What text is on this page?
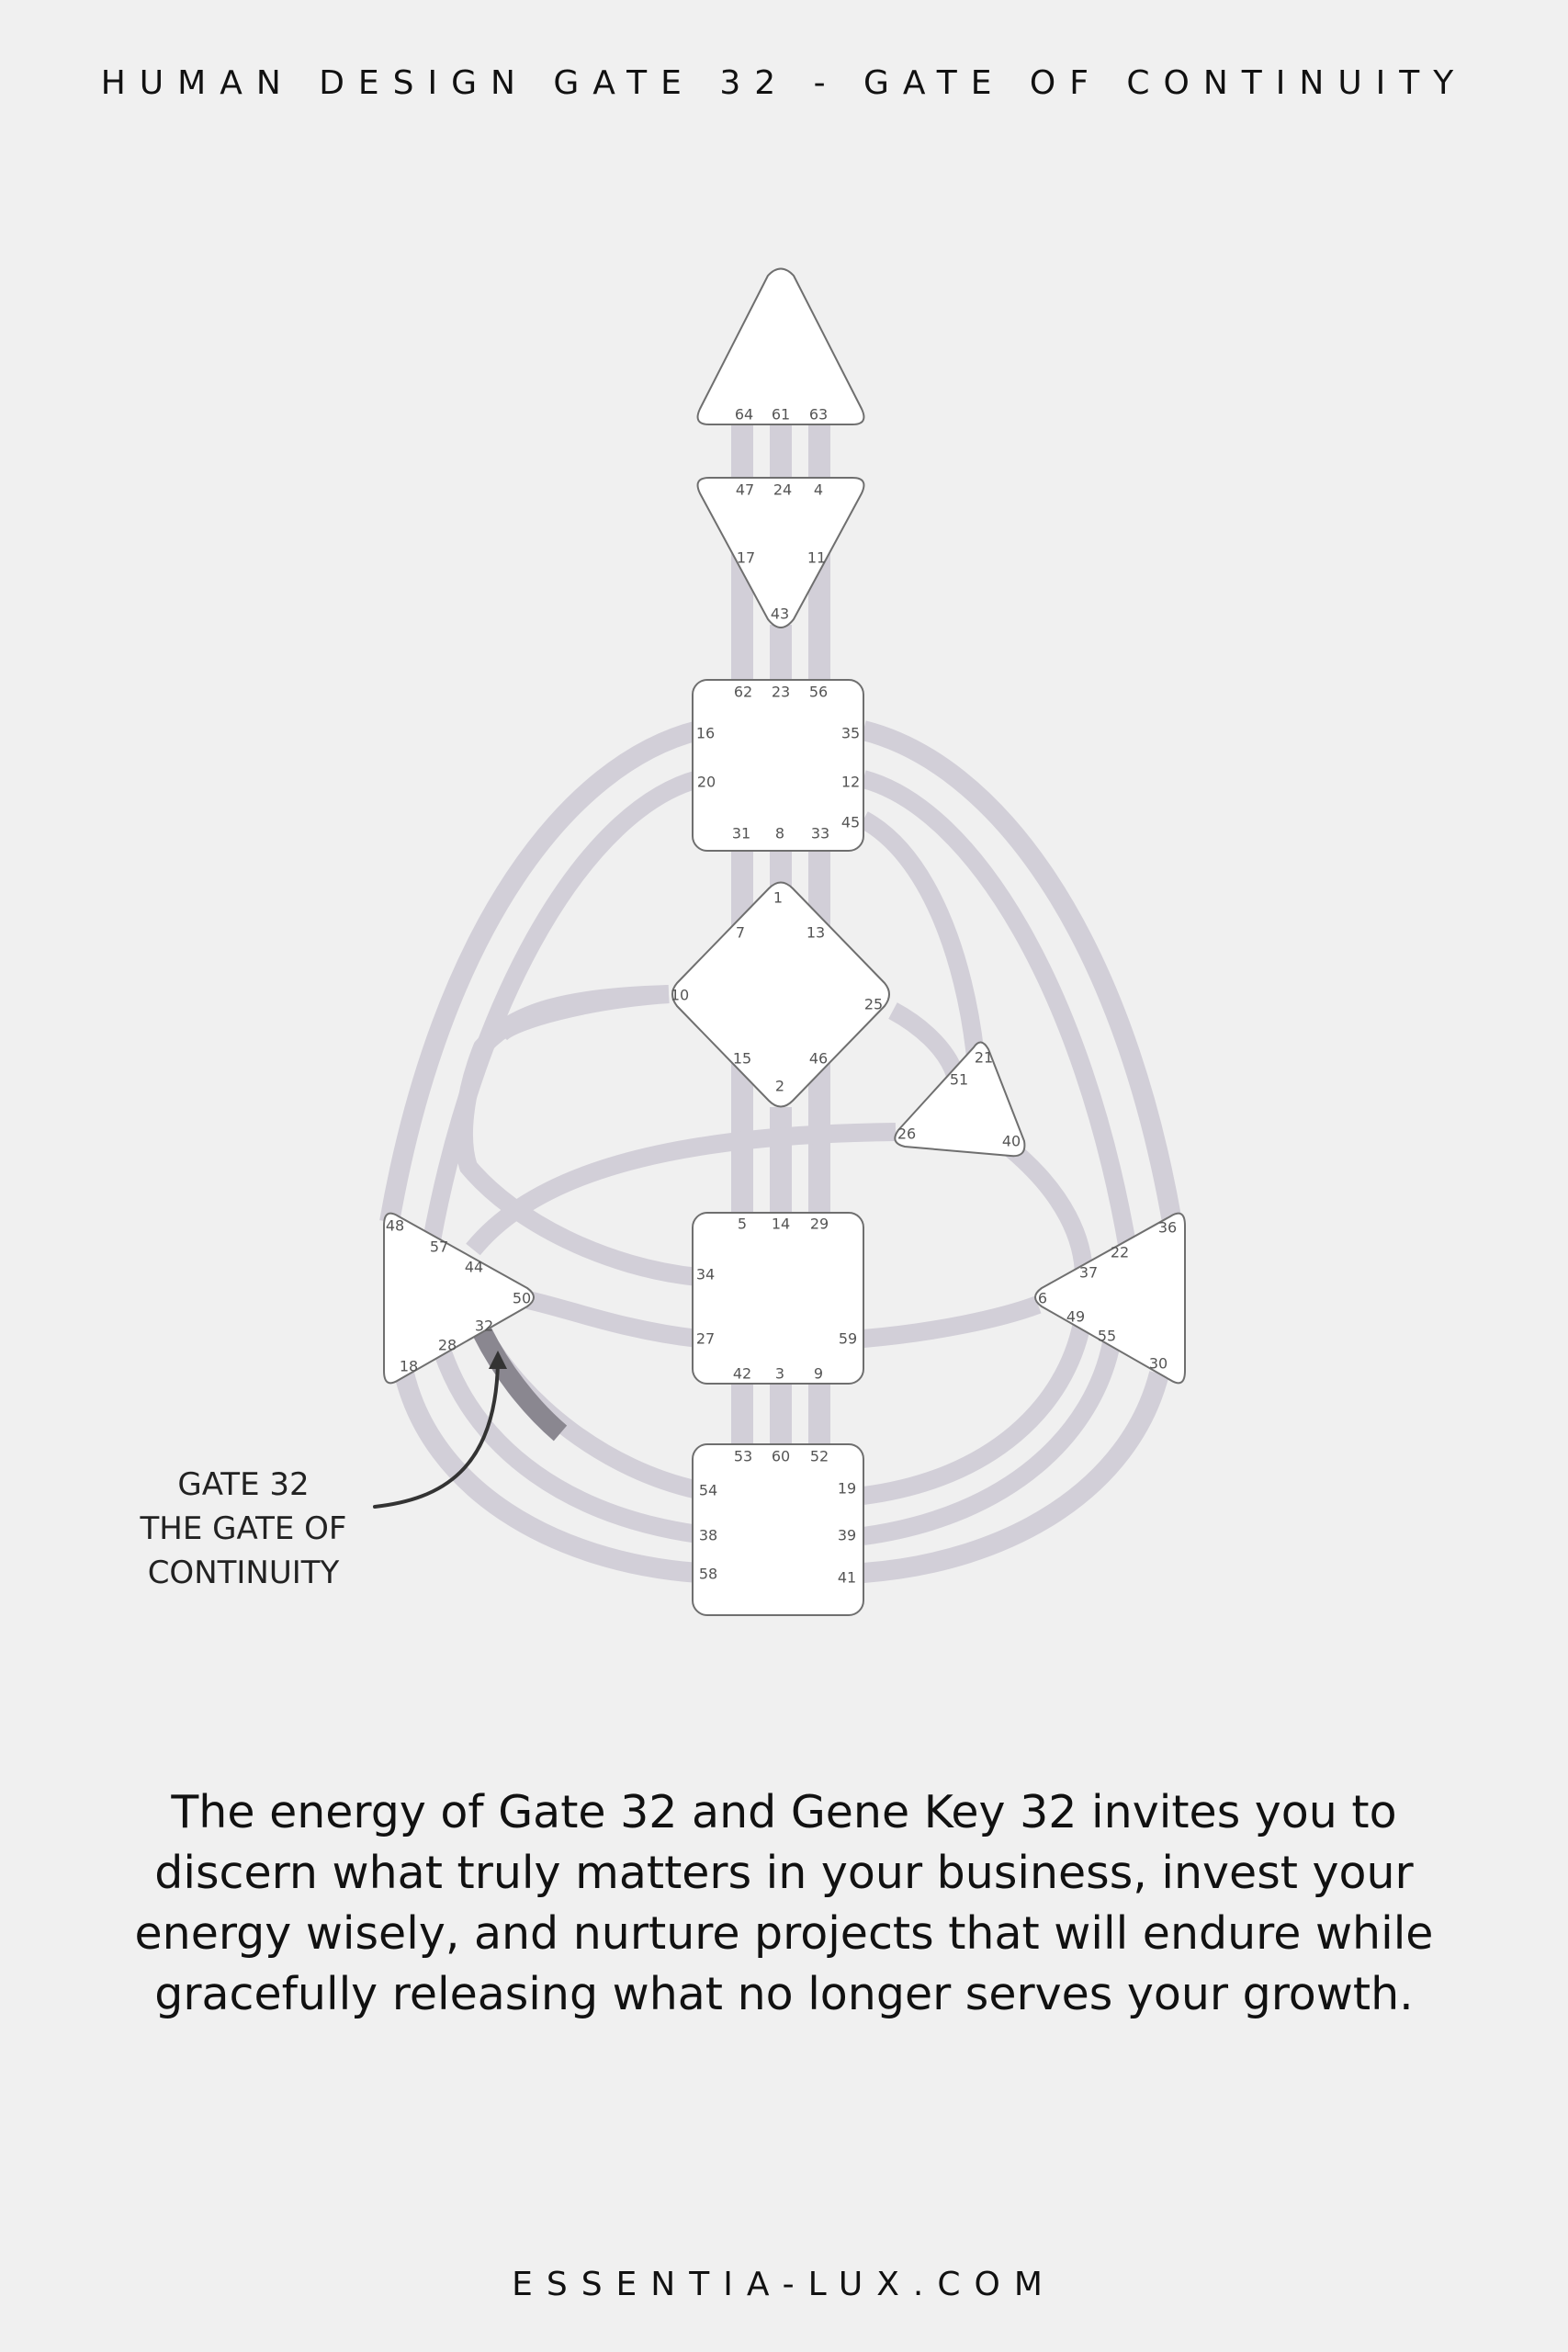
HUMAN DESIGN GATE 32 - GATE OF CONTINUITY
64 61 63
47 24 4
17	11
43
62 23 56
16	35
20	12
45
31 8 33
1
7	13
10
25
15	46
2
21
51
26	40
5 14 29
34
27	59
42 3 9
48
57
44
50
32
28
18
36
22
37
6
49
55
30
53 60 52
54	19
38	39
58	41
GATE 32
THE GATE OF
CONTINUITY
The energy of Gate 32 and Gene Key 32 invites you to discern what truly matters in your business, invest your energy wisely, and nurture projects that will endure while gracefully releasing what no longer serves your growth.
ESSENTIA-LUX.COM
